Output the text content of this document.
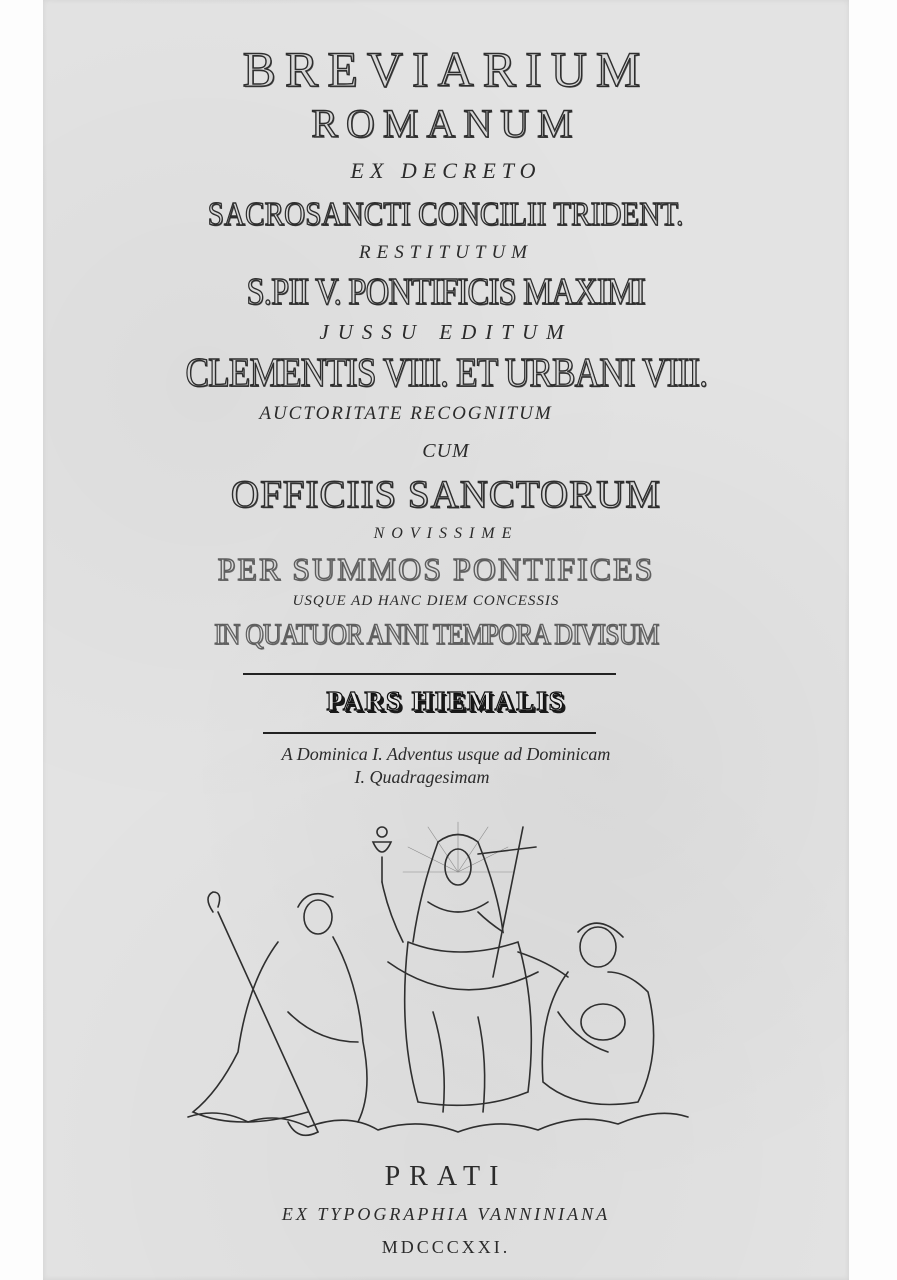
BREVIARIUM
ROMANUM
EX DECRETO
SACROSANCTI CONCILII TRIDENT.
RESTITUTUM
S.PII V. PONTIFICIS MAXIMI
JUSSU EDITUM
CLEMENTIS VIII. ET URBANI VIII.
AUCTORITATE RECOGNITUM
CUM
OFFICIIS SANCTORUM
NOVISSIME
PER SUMMOS PONTIFICES
USQUE AD HANC DIEM CONCESSIS
IN QUATUOR ANNI TEMPORA DIVISUM
PARS HIEMALIS
A Dominica I. Adventus usque ad Dominicam
I. Quadragesimam
PRATI
EX TYPOGRAPHIA VANNINIANA
MDCCCXXI.
